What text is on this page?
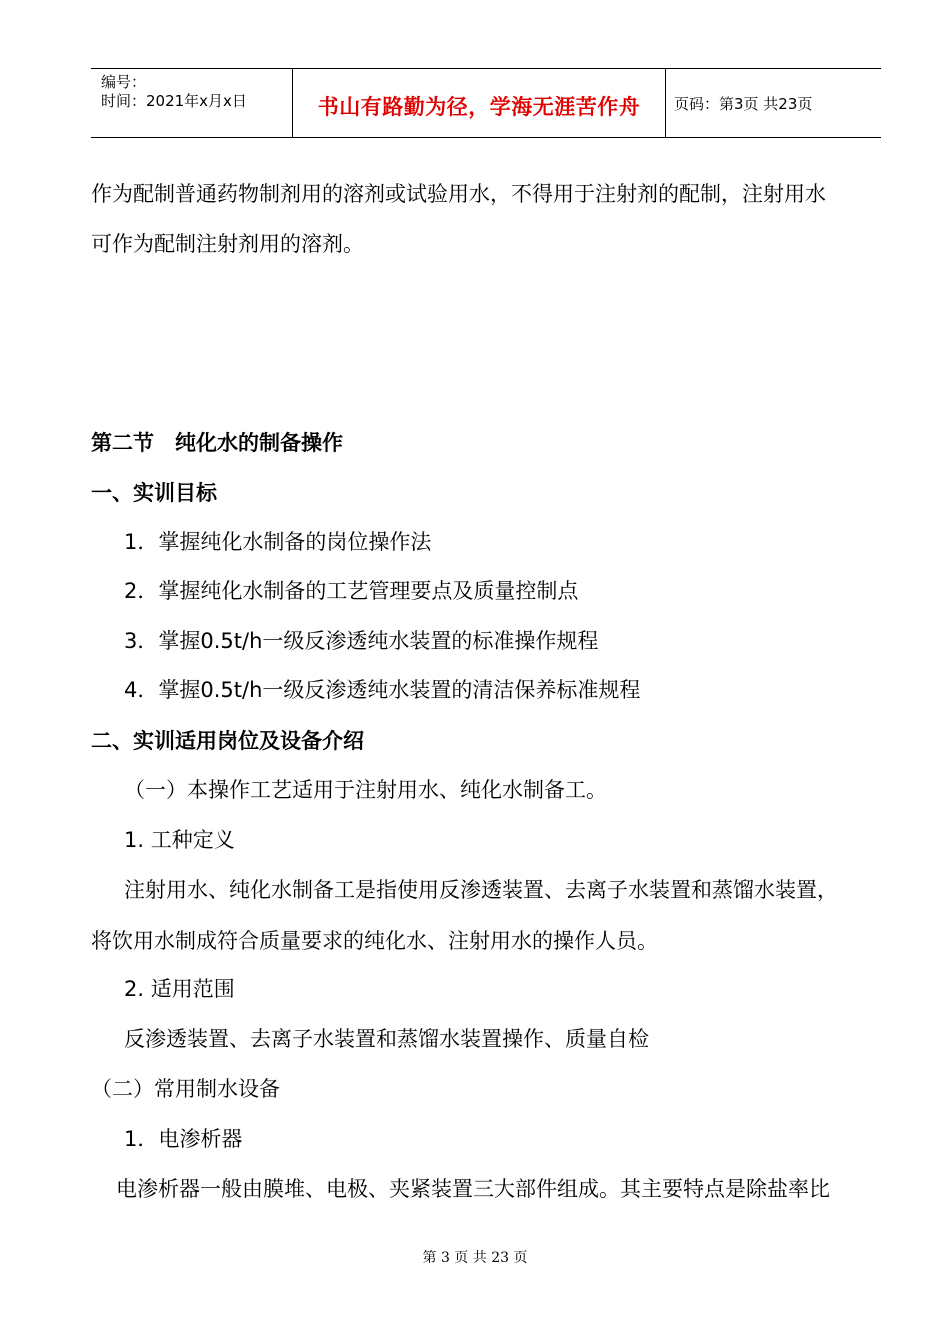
编号：
时间：2021年x月x日	书山有路勤为径，学海无涯苦作舟	页码：第3页 共23页
作为配制普通药物制剂用的溶剂或试验用水，不得用于注射剂的配制，注射用水
可作为配制注射剂用的溶剂。
第二节　纯化水的制备操作
一、实训目标
1．掌握纯化水制备的岗位操作法
2．掌握纯化水制备的工艺管理要点及质量控制点
3．掌握0.5t/h一级反渗透纯水装置的标准操作规程
4．掌握0.5t/h一级反渗透纯水装置的清洁保养标准规程
二、实训适用岗位及设备介绍
（一）本操作工艺适用于注射用水、纯化水制备工。
1. 工种定义
注射用水、纯化水制备工是指使用反渗透装置、去离子水装置和蒸馏水装置，
将饮用水制成符合质量要求的纯化水、注射用水的操作人员。
2. 适用范围
反渗透装置、去离子水装置和蒸馏水装置操作、质量自检
（二）常用制水设备
1．电渗析器
电渗析器一般由膜堆、电极、夹紧装置三大部件组成。其主要特点是除盐率比
第 3 页 共 23 页
